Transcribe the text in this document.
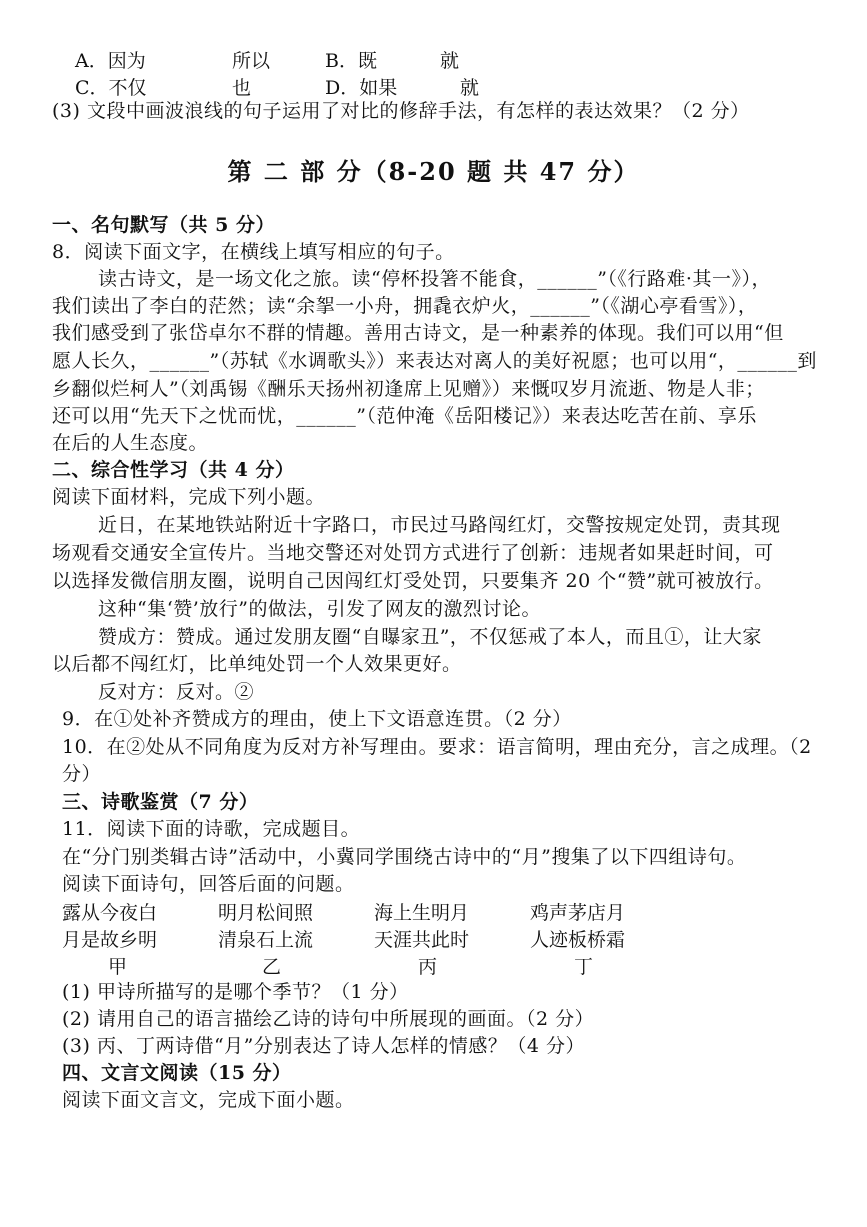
A．因为	所以	B．既	就
C．不仅	也	D．如果	就
(3) 文段中画波浪线的句子运用了对比的修辞手法，有怎样的表达效果？（2 分）
第 二 部 分（8-20 题 共 47 分）
一、名句默写（共 5 分）
8．阅读下面文字，在横线上填写相应的句子。
读古诗文，是一场文化之旅。读“停杯投箸不能食，______”（《行路难·其一》），
我们读出了李白的茫然；读“余挐一小舟，拥毳衣炉火，______”（《湖心亭看雪》），
我们感受到了张岱卓尔不群的情趣。善用古诗文，是一种素养的体现。我们可以用“但
愿人长久，______”（苏轼《水调歌头》）来表达对离人的美好祝愿；也可以用“，______到
乡翻似烂柯人”（刘禹锡《酬乐天扬州初逢席上见赠》）来慨叹岁月流逝、物是人非；
还可以用“先天下之忧而忧，______”（范仲淹《岳阳楼记》）来表达吃苦在前、享乐
在后的人生态度。
二、综合性学习（共 4 分）
阅读下面材料，完成下列小题。
近日，在某地铁站附近十字路口，市民过马路闯红灯，交警按规定处罚，责其现
场观看交通安全宣传片。当地交警还对处罚方式进行了创新：违规者如果赶时间，可
以选择发微信朋友圈，说明自己因闯红灯受处罚，只要集齐 20 个“赞”就可被放行。
这种“集‘赞’放行”的做法，引发了网友的激烈讨论。
赞成方：赞成。通过发朋友圈“自曝家丑”，不仅惩戒了本人，而且①，让大家
以后都不闯红灯，比单纯处罚一个人效果更好。
反对方：反对。②
9．在①处补齐赞成方的理由，使上下文语意连贯。（2 分）
10．在②处从不同角度为反对方补写理由。要求：语言简明，理由充分，言之成理。（2
分）
三、诗歌鉴赏（7 分）
11．阅读下面的诗歌，完成题目。
在“分门别类辑古诗”活动中，小冀同学围绕古诗中的“月”搜集了以下四组诗句。
阅读下面诗句，回答后面的问题。
露从今夜白	明月松间照	海上生明月	鸡声茅店月
月是故乡明	清泉石上流	天涯共此时	人迹板桥霜
甲	乙	丙	丁
(1) 甲诗所描写的是哪个季节？（1 分）
(2) 请用自己的语言描绘乙诗的诗句中所展现的画面。（2 分）
(3) 丙、丁两诗借“月”分别表达了诗人怎样的情感？（4 分）
四、文言文阅读（15 分）
阅读下面文言文，完成下面小题。
